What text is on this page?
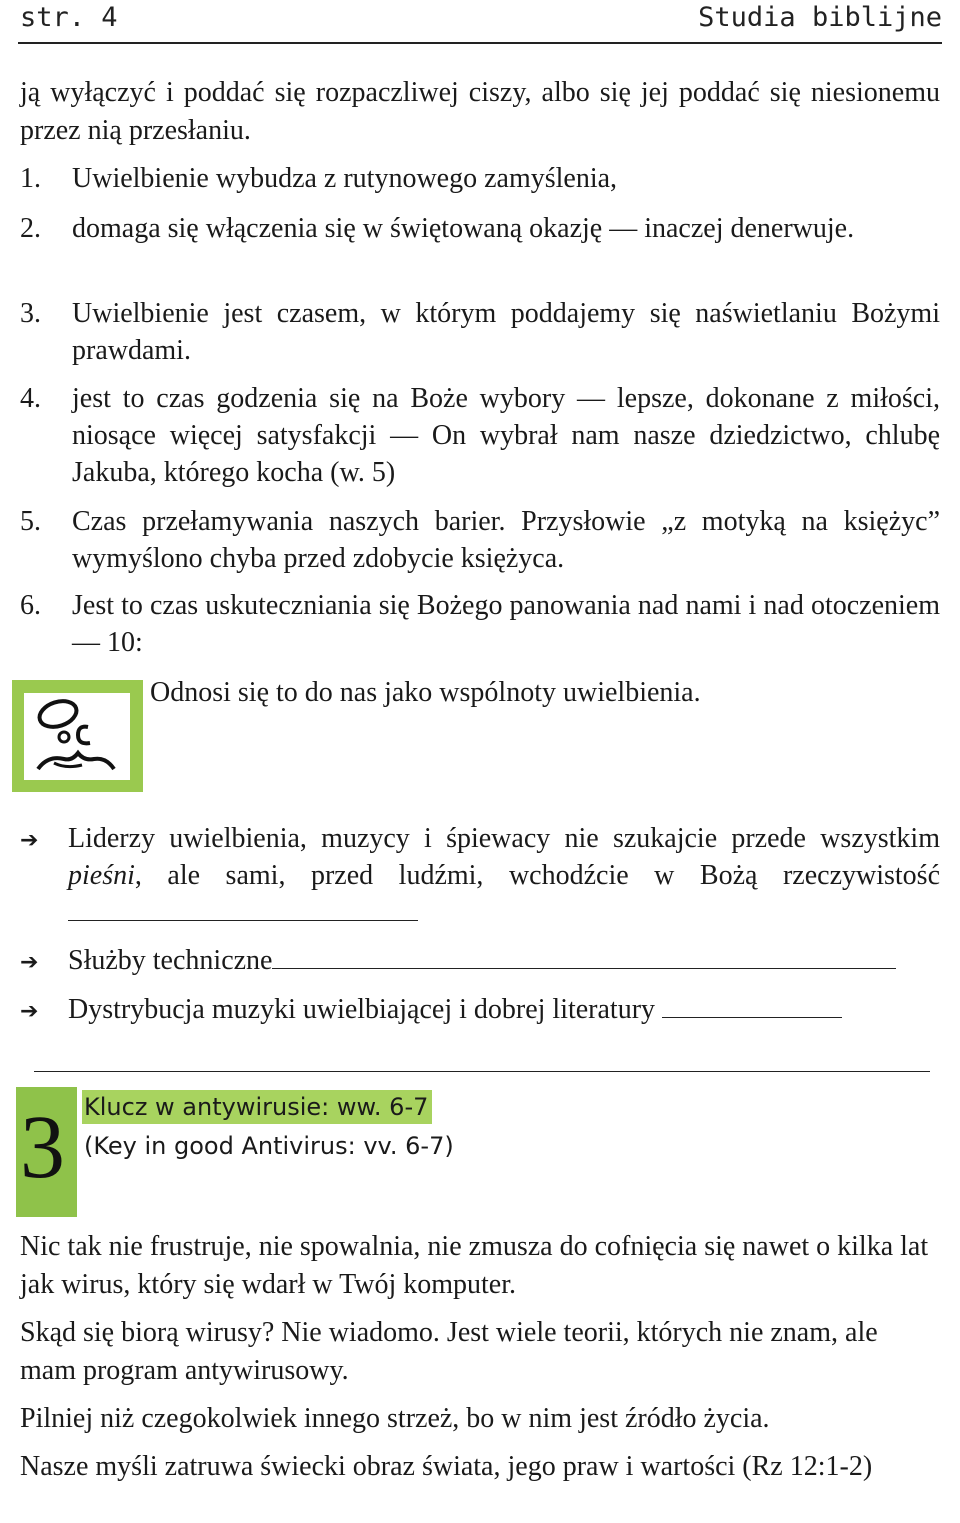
str. 4	Studia biblijne

ją wyłączyć i poddać się rozpaczliwej ciszy, albo się jej poddać się niesionemu przez nią przesłaniu.

1. Uwielbienie wybudza z rutynowego zamyślenia,
2. domaga się włączenia się w świętowaną okazję — inaczej denerwuje.
3. Uwielbienie jest czasem, w którym poddajemy się naświetlaniu Bożymi prawdami.
4. jest to czas godzenia się na Boże wybory — lepsze, dokonane z miłości, niosące więcej satysfakcji — On wybrał nam nasze dziedzictwo, chlubę Jakuba, którego kocha (w. 5)
5. Czas przełamywania naszych barier. Przysłowie „z motyką na księżyc” wymyślono chyba przed zdobycie księżyca.
6. Jest to czas uskuteczniania się Bożego panowania nad nami i nad otoczeniem — 10:
Odnosi się to do nas jako wspólnoty uwielbienia.
➔ Liderzy uwielbienia, muzycy i śpiewacy nie szukajcie przede wszystkim pieśni, ale sami, przed ludźmi, wchodźcie w Bożą rzeczywistość
➔ Służby techniczne
➔ Dystrybucja muzyki uwielbiającej i dobrej literatury
3 Klucz w antywirusie: ww. 6-7
(Key in good Antivirus: vv. 6-7)

Nic tak nie frustruje, nie spowalnia, nie zmusza do cofnięcia się nawet o kilka lat jak wirus, który się wdarł w Twój komputer.

Skąd się biorą wirusy? Nie wiadomo. Jest wiele teorii, których nie znam, ale mam program antywirusowy.

Pilniej niż czegokolwiek innego strzeż, bo w nim jest źródło życia.

Nasze myśli zatruwa świecki obraz świata, jego praw i wartości (Rz 12:1-2)
